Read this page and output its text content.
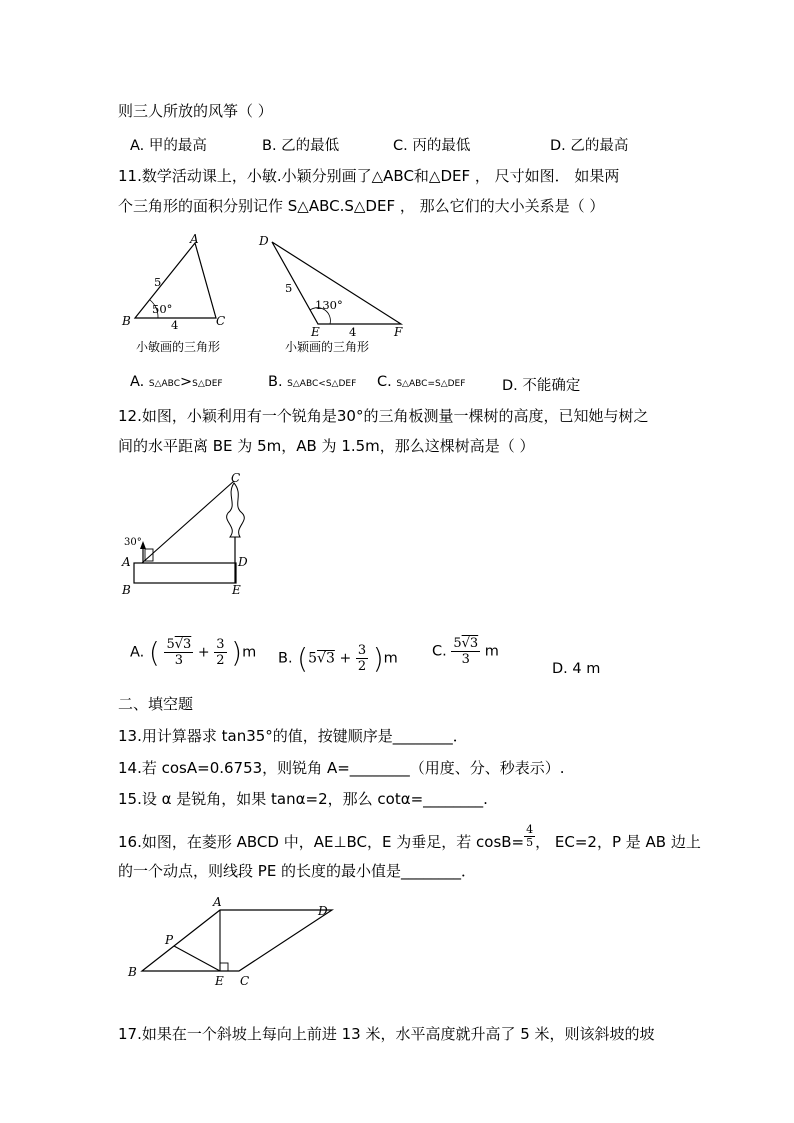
则三人所放的风筝（ ）
A. 甲的最高	B. 乙的最低	C. 丙的最低	D. 乙的最高
11.数学活动课上，小敏.小颖分别画了△ABC和△DEF ， 尺寸如图． 如果两
个三角形的面积分别记作 S△ABC.S△DEF ， 那么它们的大小关系是（ ）
A
B	C
5
4
50°
小敏画的三角形
D
E	F
5
4
130°
小颖画的三角形
A. S△ABC>S△DEF	B. S△ABC<S△DEF C. S△ABC=S△DEF	D. 不能确定
12.如图，小颖利用有一个锐角是30°的三角板测量一棵树的高度，已知她与树之
间的水平距离 BE 为 5m，AB 为 1.5m，那么这棵树高是（ ）
C
D
A
B	E
30°
A. ( $\frac{5√3}{3} + \frac{3}{2} )m$ B. $(5√3 + \frac{3}{2} )m$ C. $\frac{5√3}{3}$ m
D. 4 m
二、填空题
13.用计算器求 tan35°的值，按键顺序是________．
14.若 cosA=0.6753，则锐角 A=________（用度、分、秒表示）.
15.设 α 是锐角，如果 tanα=2，那么 cotα=________.
16.如图，在菱形 ABCD 中，AE⊥BC，E 为垂足，若 $\cos B= \frac{4}{5}$ ， EC=2，P 是 AB 边上
的一个动点，则线段 PE 的长度的最小值是________．
A
B
C
D
E
P
17.如果在一个斜坡上每向上前进 13 米，水平高度就升高了 5 米，则该斜坡的坡
